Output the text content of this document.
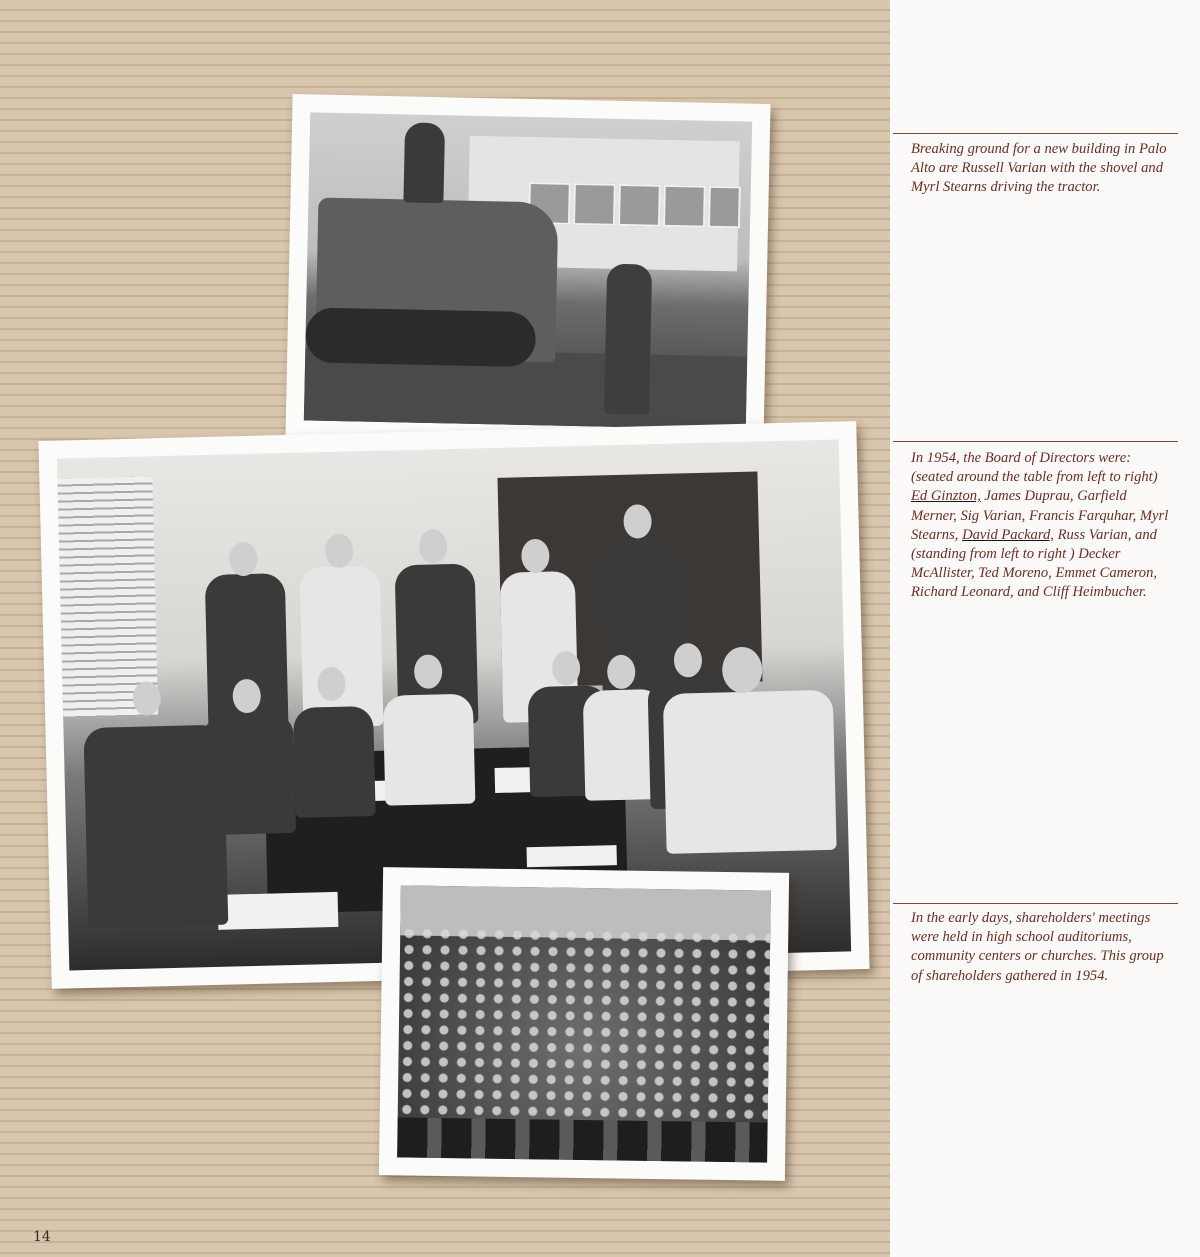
14

Breaking ground for a new building in Palo Alto are Russell Varian with the shovel and Myrl Stearns driving the tractor.

In 1954, the Board of Directors were: (seated around the table from left to right) Ed Ginzton, James Duprau, Garfield Merner, Sig Varian, Francis Farquhar, Myrl Stearns, David Packard, Russ Varian, and (standing from left to right ) Decker McAllister, Ted Moreno, Emmet Cameron, Richard Leonard, and Cliff Heimbucher.

In the early days, shareholders' meetings were held in high school auditoriums, community centers or churches. This group of shareholders gathered in 1954.
